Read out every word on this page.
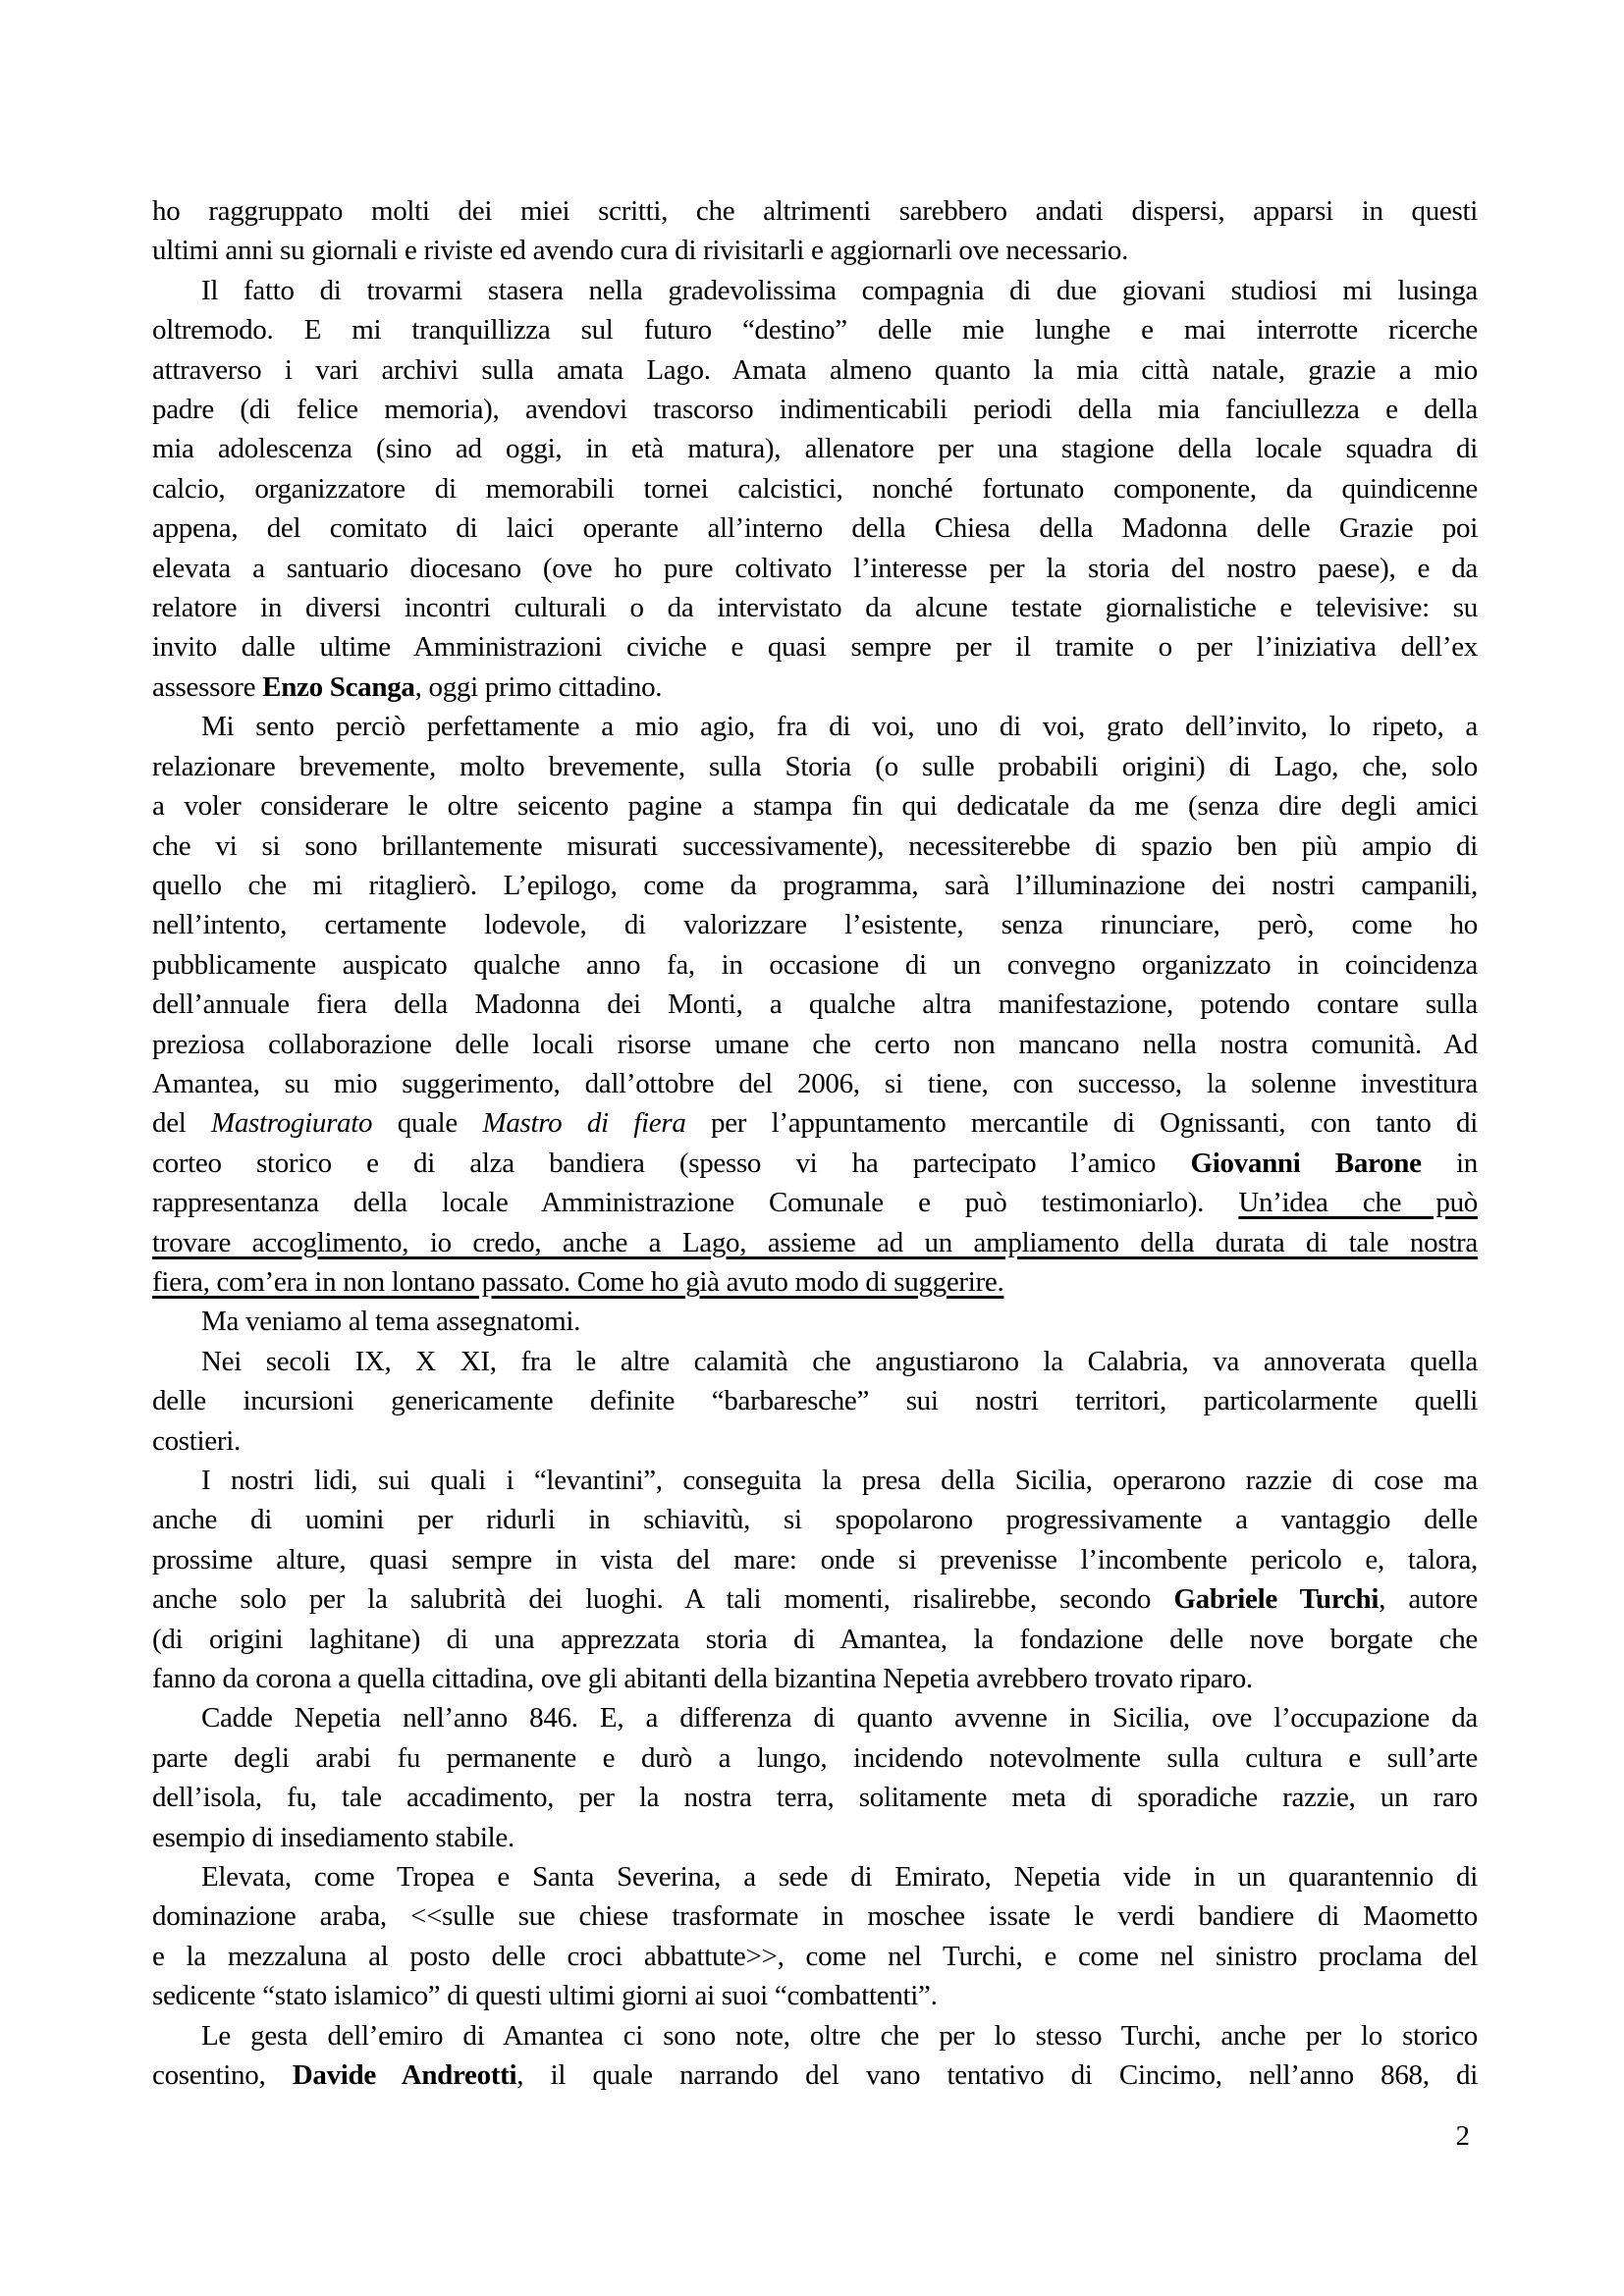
ho raggruppato molti dei miei scritti, che altrimenti sarebbero andati dispersi, apparsi in questi
ultimi anni su giornali e riviste ed avendo cura di rivisitarli e aggiornarli ove necessario.
Il fatto di trovarmi stasera nella gradevolissima compagnia di due giovani studiosi mi lusinga
oltremodo. E mi tranquillizza sul futuro “destino” delle mie lunghe e mai interrotte ricerche
attraverso i vari archivi sulla amata Lago. Amata almeno quanto la mia città natale, grazie a mio
padre (di felice memoria), avendovi trascorso indimenticabili periodi della mia fanciullezza e della
mia adolescenza (sino ad oggi, in età matura), allenatore per una stagione della locale squadra di
calcio, organizzatore di memorabili tornei calcistici, nonché fortunato componente, da quindicenne
appena, del comitato di laici operante all’interno della Chiesa della Madonna delle Grazie poi
elevata a santuario diocesano (ove ho pure coltivato l’interesse per la storia del nostro paese), e da
relatore in diversi incontri culturali o da intervistato da alcune testate giornalistiche e televisive: su
invito dalle ultime Amministrazioni civiche e quasi sempre per il tramite o per l’iniziativa dell’ex
assessore Enzo Scanga, oggi primo cittadino.
Mi sento perciò perfettamente a mio agio, fra di voi, uno di voi, grato dell’invito, lo ripeto, a
relazionare brevemente, molto brevemente, sulla Storia (o sulle probabili origini) di Lago, che, solo
a voler considerare le oltre seicento pagine a stampa fin qui dedicatale da me (senza dire degli amici
che vi si sono brillantemente misurati successivamente), necessiterebbe di spazio ben più ampio di
quello che mi ritaglierò. L’epilogo, come da programma, sarà l’illuminazione dei nostri campanili,
nell’intento, certamente lodevole, di valorizzare l’esistente, senza rinunciare, però, come ho
pubblicamente auspicato qualche anno fa, in occasione di un convegno organizzato in coincidenza
dell’annuale fiera della Madonna dei Monti, a qualche altra manifestazione, potendo contare sulla
preziosa collaborazione delle locali risorse umane che certo non mancano nella nostra comunità. Ad
Amantea, su mio suggerimento, dall’ottobre del 2006, si tiene, con successo, la solenne investitura
del Mastrogiurato quale Mastro di fiera per l’appuntamento mercantile di Ognissanti, con tanto di
corteo storico e di alza bandiera (spesso vi ha partecipato l’amico Giovanni Barone in
rappresentanza della locale Amministrazione Comunale e può testimoniarlo). Un’idea che può
trovare accoglimento, io credo, anche a Lago, assieme ad un ampliamento della durata di tale nostra
fiera, com’era in non lontano passato. Come ho già avuto modo di suggerire.
Ma veniamo al tema assegnatomi.
Nei secoli IX, X XI, fra le altre calamità che angustiarono la Calabria, va annoverata quella
delle incursioni genericamente definite “barbaresche” sui nostri territori, particolarmente quelli
costieri.
I nostri lidi, sui quali i “levantini”, conseguita la presa della Sicilia, operarono razzie di cose ma
anche di uomini per ridurli in schiavitù, si spopolarono progressivamente a vantaggio delle
prossime alture, quasi sempre in vista del mare: onde si prevenisse l’incombente pericolo e, talora,
anche solo per la salubrità dei luoghi. A tali momenti, risalirebbe, secondo Gabriele Turchi, autore
(di origini laghitane) di una apprezzata storia di Amantea, la fondazione delle nove borgate che
fanno da corona a quella cittadina, ove gli abitanti della bizantina Nepetia avrebbero trovato riparo.
Cadde Nepetia nell’anno 846. E, a differenza di quanto avvenne in Sicilia, ove l’occupazione da
parte degli arabi fu permanente e durò a lungo, incidendo notevolmente sulla cultura e sull’arte
dell’isola, fu, tale accadimento, per la nostra terra, solitamente meta di sporadiche razzie, un raro
esempio di insediamento stabile.
Elevata, come Tropea e Santa Severina, a sede di Emirato, Nepetia vide in un quarantennio di
dominazione araba, <<sulle sue chiese trasformate in moschee issate le verdi bandiere di Maometto
e la mezzaluna al posto delle croci abbattute>>, come nel Turchi, e come nel sinistro proclama del
sedicente “stato islamico” di questi ultimi giorni ai suoi “combattenti”.
Le gesta dell’emiro di Amantea ci sono note, oltre che per lo stesso Turchi, anche per lo storico
cosentino, Davide Andreotti, il quale narrando del vano tentativo di Cincimo, nell’anno 868, di
2
